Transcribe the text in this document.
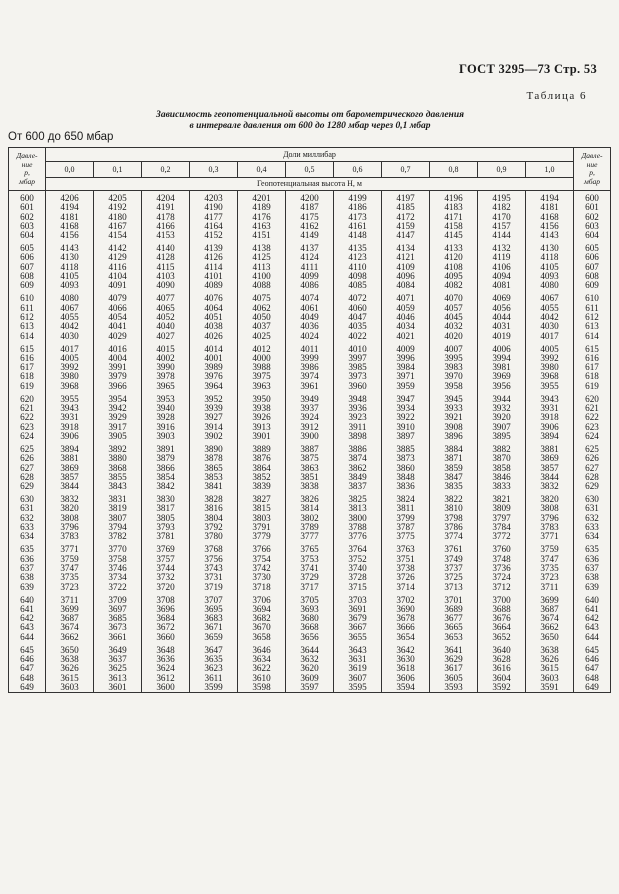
ГОСТ 3295—73 Стр. 53
Таблица 6
Зависимость геопотенциальной высоты от барометрического давления
в интервале давления от 600 до 1280 мбар через 0,1 мбар
От 600 до 650 мбар
Давле-
ние
p,
мбар	Доли миллибар											Давле-
ние
p,
мбар
	0,0	0,1	0,2	0,3	0,4	0,5	0,6	0,7	0,8	0,9	1,0	
	Геопотенциальная высота H, м											
600	4206	4205	4204	4203	4201	4200	4199	4197	4196	4195	4194	600
601	4194	4192	4191	4190	4189	4187	4186	4185	4183	4182	4181	601
602	4181	4180	4178	4177	4176	4175	4173	4172	4171	4170	4168	602
603	4168	4167	4166	4164	4163	4162	4161	4159	4158	4157	4156	603
604	4156	4154	4153	4152	4151	4149	4148	4147	4145	4144	4143	604
605	4143	4142	4140	4139	4138	4137	4135	4134	4133	4132	4130	605
606	4130	4129	4128	4126	4125	4124	4123	4121	4120	4119	4118	606
607	4118	4116	4115	4114	4113	4111	4110	4109	4108	4106	4105	607
608	4105	4104	4103	4101	4100	4099	4098	4096	4095	4094	4093	608
609	4093	4091	4090	4089	4088	4086	4085	4084	4082	4081	4080	609
610	4080	4079	4077	4076	4075	4074	4072	4071	4070	4069	4067	610
611	4067	4066	4065	4064	4062	4061	4060	4059	4057	4056	4055	611
612	4055	4054	4052	4051	4050	4049	4047	4046	4045	4044	4042	612
613	4042	4041	4040	4038	4037	4036	4035	4034	4032	4031	4030	613
614	4030	4029	4027	4026	4025	4024	4022	4021	4020	4019	4017	614
615	4017	4016	4015	4014	4012	4011	4010	4009	4007	4006	4005	615
616	4005	4004	4002	4001	4000	3999	3997	3996	3995	3994	3992	616
617	3992	3991	3990	3989	3988	3986	3985	3984	3983	3981	3980	617
618	3980	3979	3978	3976	3975	3974	3973	3971	3970	3969	3968	618
619	3968	3966	3965	3964	3963	3961	3960	3959	3958	3956	3955	619
620	3955	3954	3953	3952	3950	3949	3948	3947	3945	3944	3943	620
621	3943	3942	3940	3939	3938	3937	3936	3934	3933	3932	3931	621
622	3931	3929	3928	3927	3926	3924	3923	3922	3921	3920	3918	622
623	3918	3917	3916	3914	3913	3912	3911	3910	3908	3907	3906	623
624	3906	3905	3903	3902	3901	3900	3898	3897	3896	3895	3894	624
625	3894	3892	3891	3890	3889	3887	3886	3885	3884	3882	3881	625
626	3881	3880	3879	3878	3876	3875	3874	3873	3871	3870	3869	626
627	3869	3868	3866	3865	3864	3863	3862	3860	3859	3858	3857	627
628	3857	3855	3854	3853	3852	3851	3849	3848	3847	3846	3844	628
629	3844	3843	3842	3841	3839	3838	3837	3836	3835	3833	3832	629
630	3832	3831	3830	3828	3827	3826	3825	3824	3822	3821	3820	630
631	3820	3819	3817	3816	3815	3814	3813	3811	3810	3809	3808	631
632	3808	3807	3805	3804	3803	3802	3800	3799	3798	3797	3796	632
633	3796	3794	3793	3792	3791	3789	3788	3787	3786	3784	3783	633
634	3783	3782	3781	3780	3779	3777	3776	3775	3774	3772	3771	634
635	3771	3770	3769	3768	3766	3765	3764	3763	3761	3760	3759	635
636	3759	3758	3757	3756	3754	3753	3752	3751	3749	3748	3747	636
637	3747	3746	3744	3743	3742	3741	3740	3738	3737	3736	3735	637
638	3735	3734	3732	3731	3730	3729	3728	3726	3725	3724	3723	638
639	3723	3722	3720	3719	3718	3717	3715	3714	3713	3712	3711	639
640	3711	3709	3708	3707	3706	3705	3703	3702	3701	3700	3699	640
641	3699	3697	3696	3695	3694	3693	3691	3690	3689	3688	3687	641
642	3687	3685	3684	3683	3682	3680	3679	3678	3677	3676	3674	642
643	3674	3673	3672	3671	3670	3668	3667	3666	3665	3664	3662	643
644	3662	3661	3660	3659	3658	3656	3655	3654	3653	3652	3650	644
645	3650	3649	3648	3647	3646	3644	3643	3642	3641	3640	3638	645
646	3638	3637	3636	3635	3634	3632	3631	3630	3629	3628	3626	646
647	3626	3625	3624	3623	3622	3620	3619	3618	3617	3616	3615	647
648	3615	3613	3612	3611	3610	3609	3607	3606	3605	3604	3603	648
649	3603	3601	3600	3599	3598	3597	3595	3594	3593	3592	3591	649
